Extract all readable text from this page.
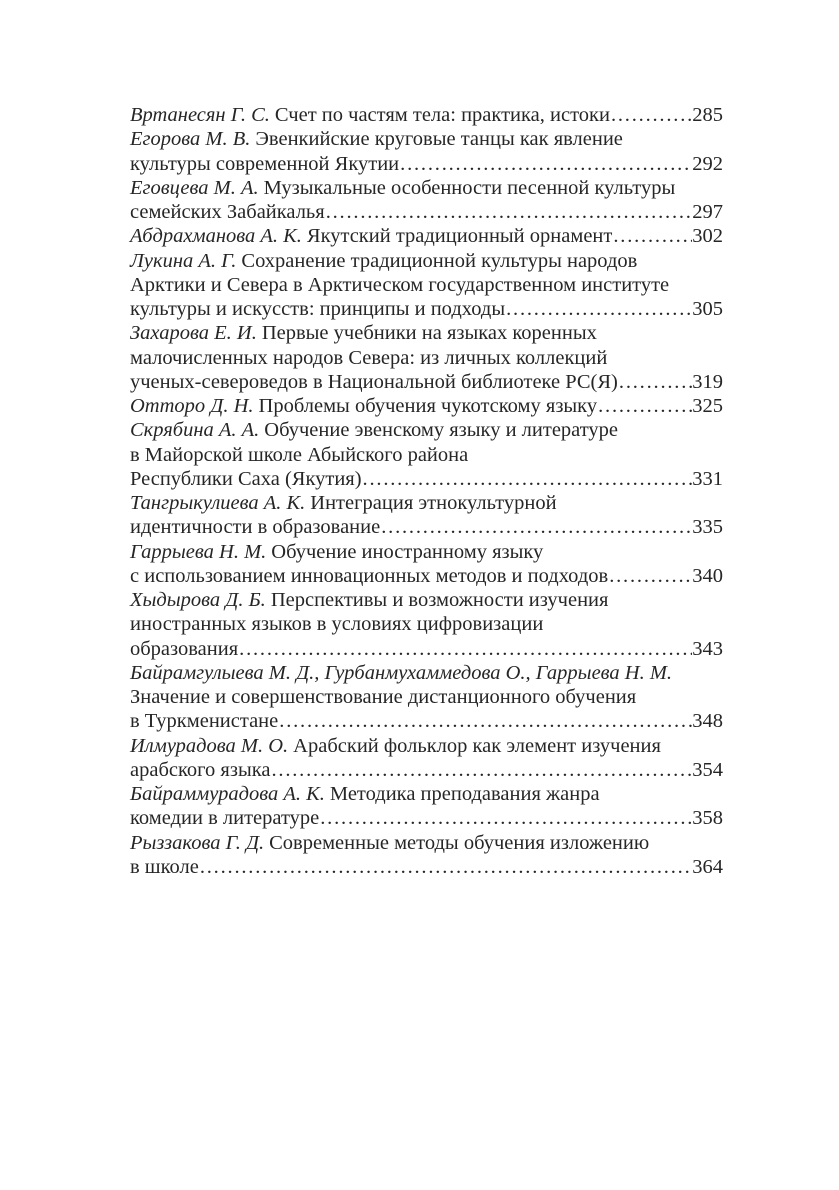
Вртанесян Г. С. Счет по частям тела: практика, истоки .....	285
Егорова М. В. Эвенкийские круговые танцы как явление
культуры современной Якутии .....	292
Еговцева М. А. Музыкальные особенности песенной культуры
семейских Забайкалья .....	297
Абдрахманова А. К. Якутский традиционный орнамент .....	302
Лукина А. Г. Сохранение традиционной культуры народов
Арктики и Севера в Арктическом государственном институте
культуры и искусств: принципы и подходы .....	305
Захарова Е. И. Первые учебники на языках коренных
малочисленных народов Севера: из личных коллекций
ученых-североведов в Национальной библиотеке РС(Я) .....	319
Отторо Д. Н. Проблемы обучения чукотскому языку .....	325
Скрябина А. А. Обучение эвенскому языку и литературе
в Майорской школе Абыйского района
Республики Саха (Якутия) .....	331
Тангрыкулиева А. К. Интеграция этнокультурной
идентичности в образование .....	335
Гаррыева Н. М. Обучение иностранному языку
с использованием инновационных методов и подходов .....	340
Хыдырова Д. Б. Перспективы и возможности изучения
иностранных языков в условиях цифровизации
образования .....	343
Байрамгулыева М. Д., Гурбанмухаммедова О., Гаррыева Н. М.
Значение и совершенствование дистанционного обучения
в Туркменистане .....	348
Илмурадова М. О. Арабский фольклор как элемент изучения
арабского языка .....	354
Байраммурадова А. К. Методика преподавания жанра
комедии в литературе .....	358
Рыззакова Г. Д. Современные методы обучения изложению
в школе .....	364
